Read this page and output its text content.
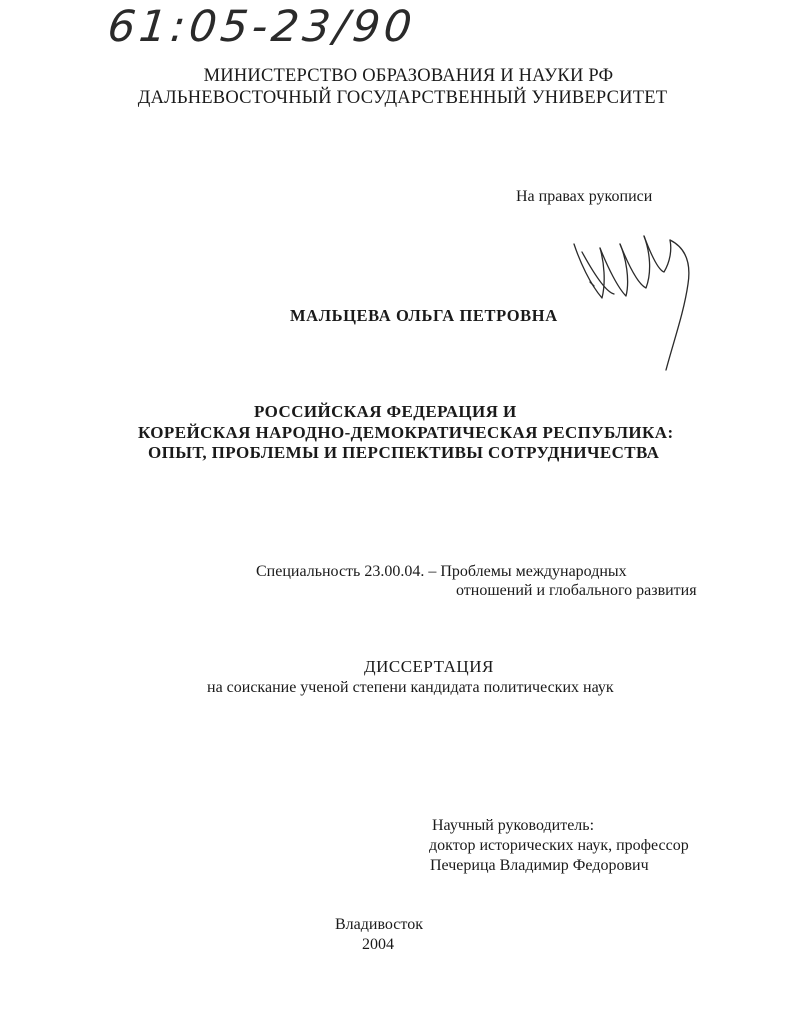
61:05-23/90
МИНИСТЕРСТВО ОБРАЗОВАНИЯ И НАУКИ РФ
ДАЛЬНЕВОСТОЧНЫЙ ГОСУДАРСТВЕННЫЙ УНИВЕРСИТЕТ
На правах рукописи
МАЛЬЦЕВА ОЛЬГА ПЕТРОВНА
РОССИЙСКАЯ ФЕДЕРАЦИЯ И
КОРЕЙСКАЯ НАРОДНО-ДЕМОКРАТИЧЕСКАЯ РЕСПУБЛИКА:
ОПЫТ, ПРОБЛЕМЫ И ПЕРСПЕКТИВЫ СОТРУДНИЧЕСТВА
Специальность 23.00.04. – Проблемы международных
отношений и глобального развития
ДИССЕРТАЦИЯ
на соискание ученой степени кандидата политических наук
Научный руководитель:
доктор исторических наук, профессор
Печерица Владимир Федорович
Владивосток
2004
